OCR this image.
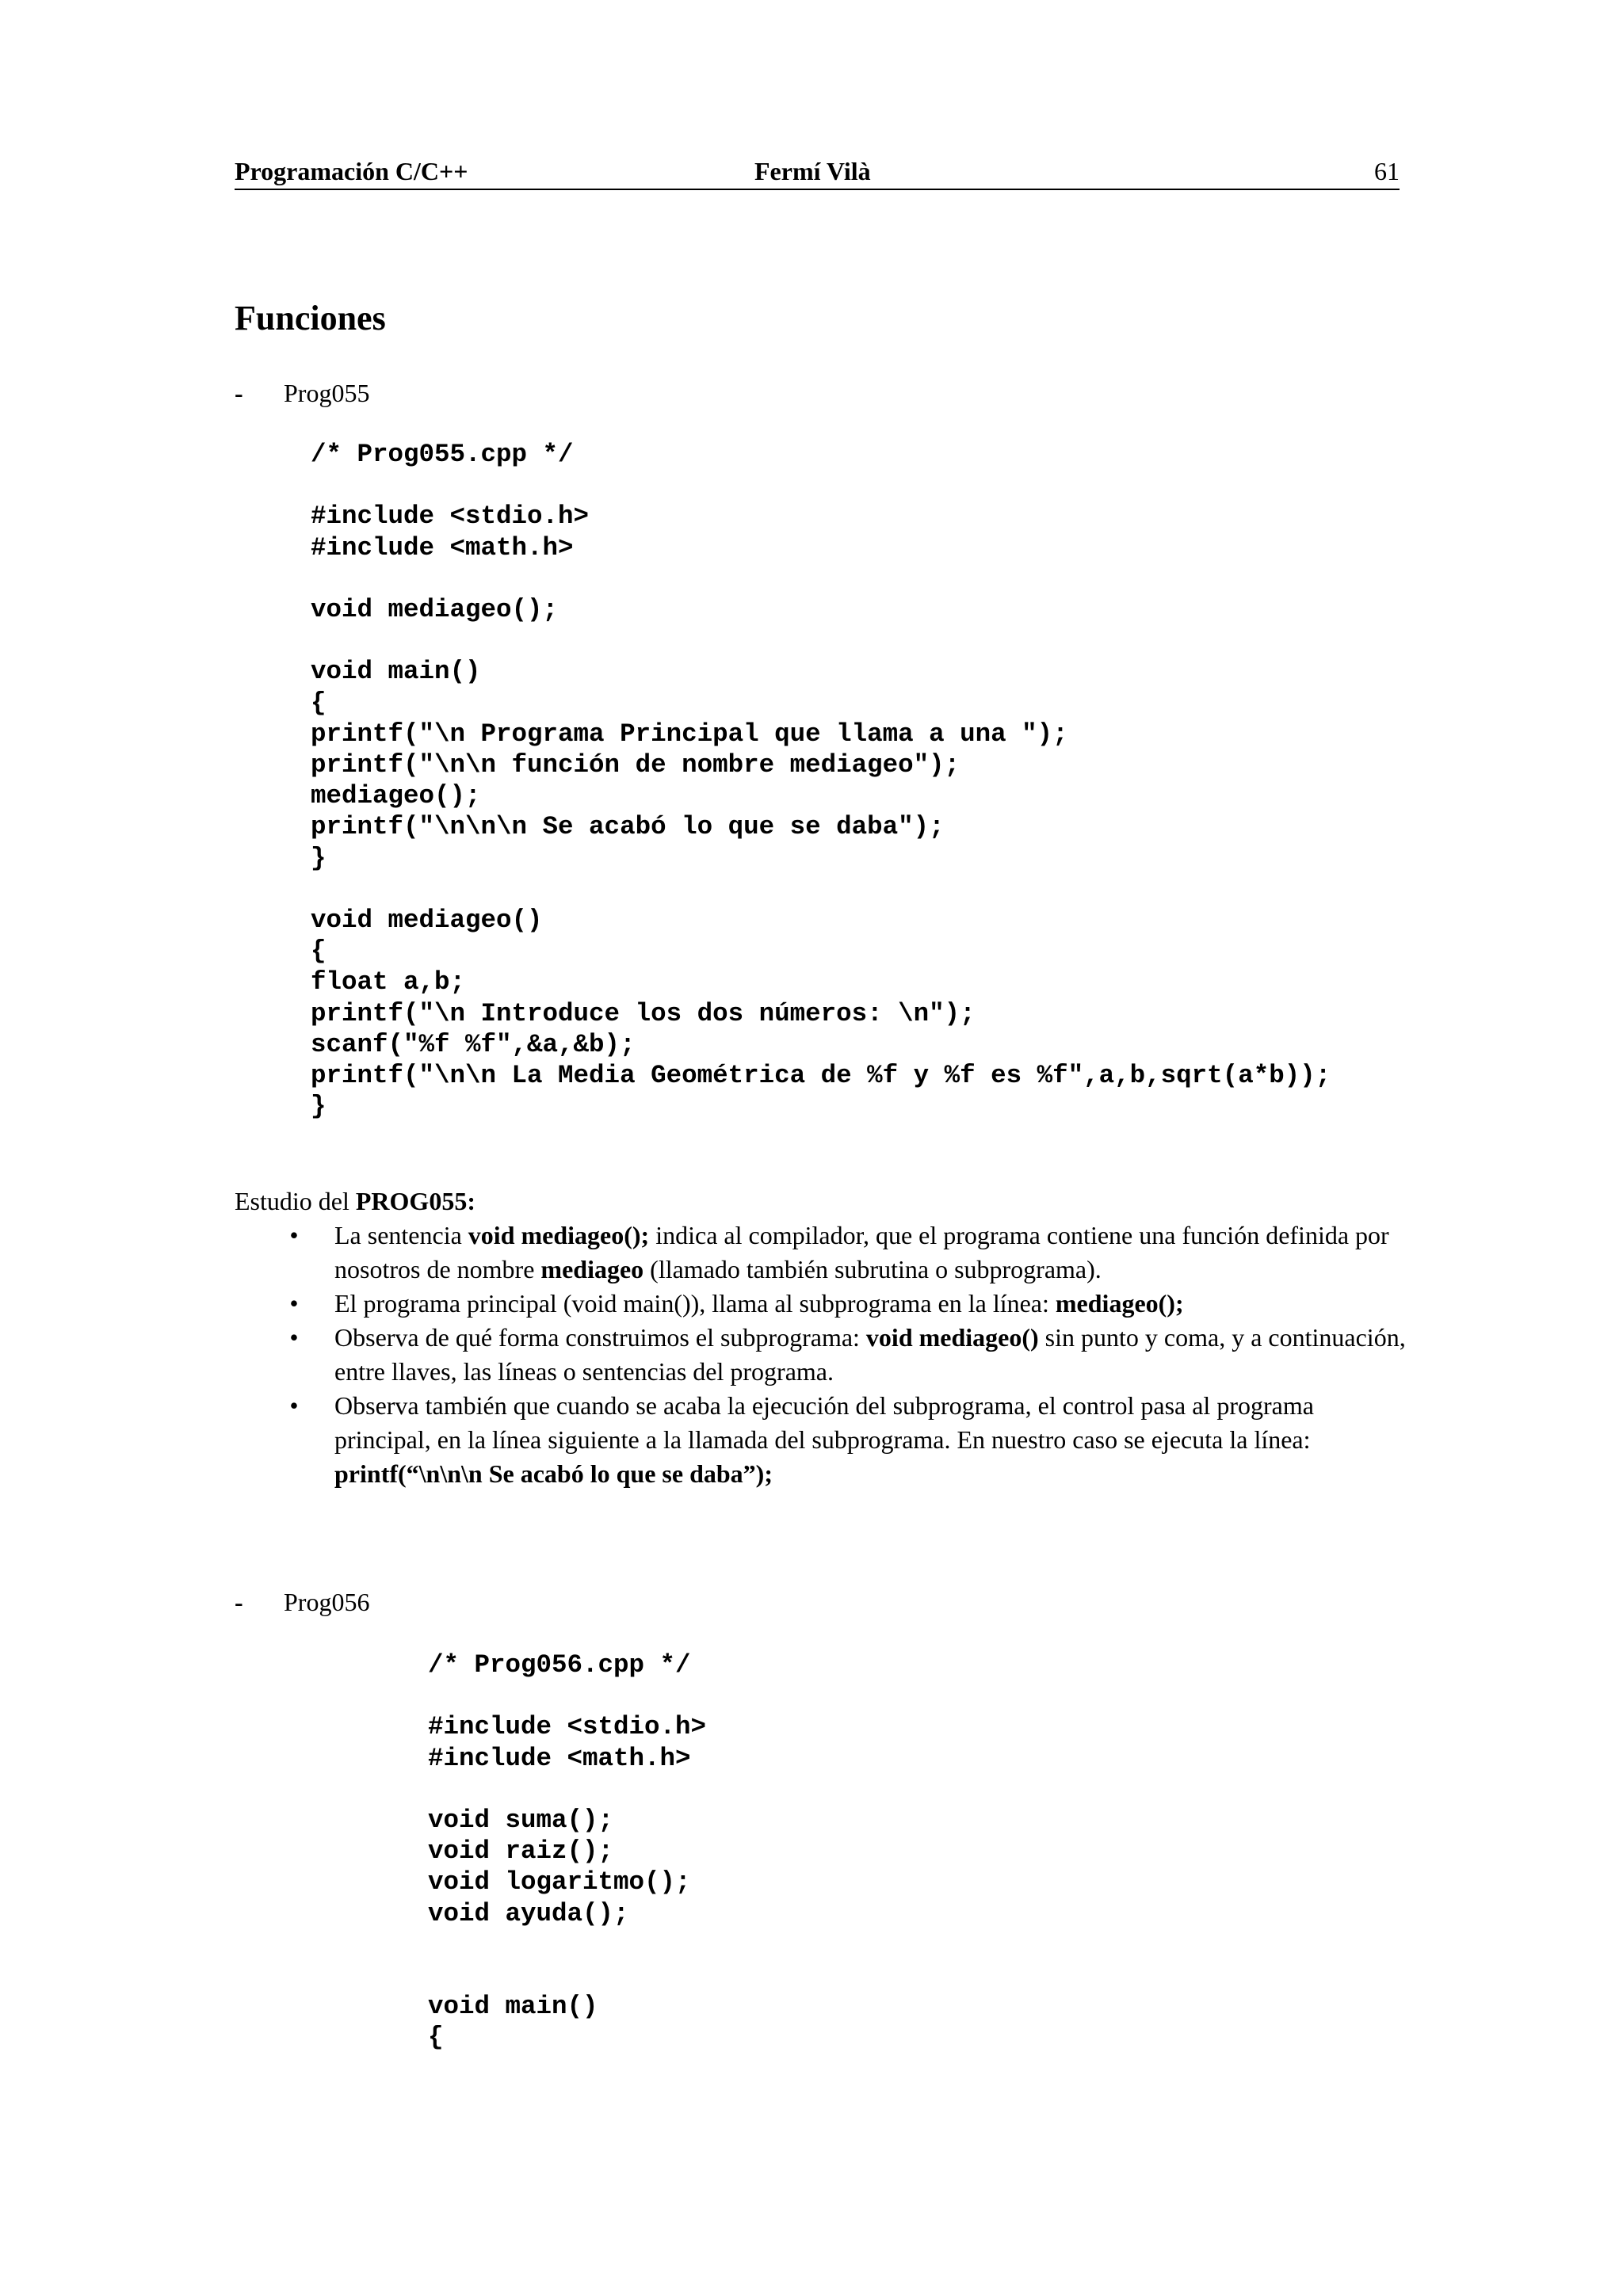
Programación C/C++	Fermí Vilà	61
Funciones
- Prog055
/* Prog055.cpp */

#include <stdio.h>
#include <math.h>

void mediageo();

void main()
{
printf("\n Programa Principal que llama a una ");
printf("\n\n función de nombre mediageo");
mediageo();
printf("\n\n\n Se acabó lo que se daba");
}

void mediageo()
{
float a,b;
printf("\n Introduce los dos números: \n");
scanf("%f %f",&a,&b);
printf("\n\n La Media Geométrica de %f y %f es %f",a,b,sqrt(a*b));
}
Estudio del PROG055:
• La sentencia void mediageo(); indica al compilador, que el programa contiene una función definida por nosotros de nombre mediageo (llamado también subrutina o subprograma).
• El programa principal (void main()), llama al subprograma en la línea: mediageo();
• Observa de qué forma construimos el subprograma: void mediageo() sin punto y coma, y a continuación, entre llaves, las líneas o sentencias del programa.
• Observa también que cuando se acaba la ejecución del subprograma, el control pasa al programa principal, en la línea siguiente a la llamada del subprograma. En nuestro caso se ejecuta la línea: printf(“\n\n\n Se acabó lo que se daba”);
- Prog056
/* Prog056.cpp */

#include <stdio.h>
#include <math.h>

void suma();
void raiz();
void logaritmo();
void ayuda();

void main()
{
